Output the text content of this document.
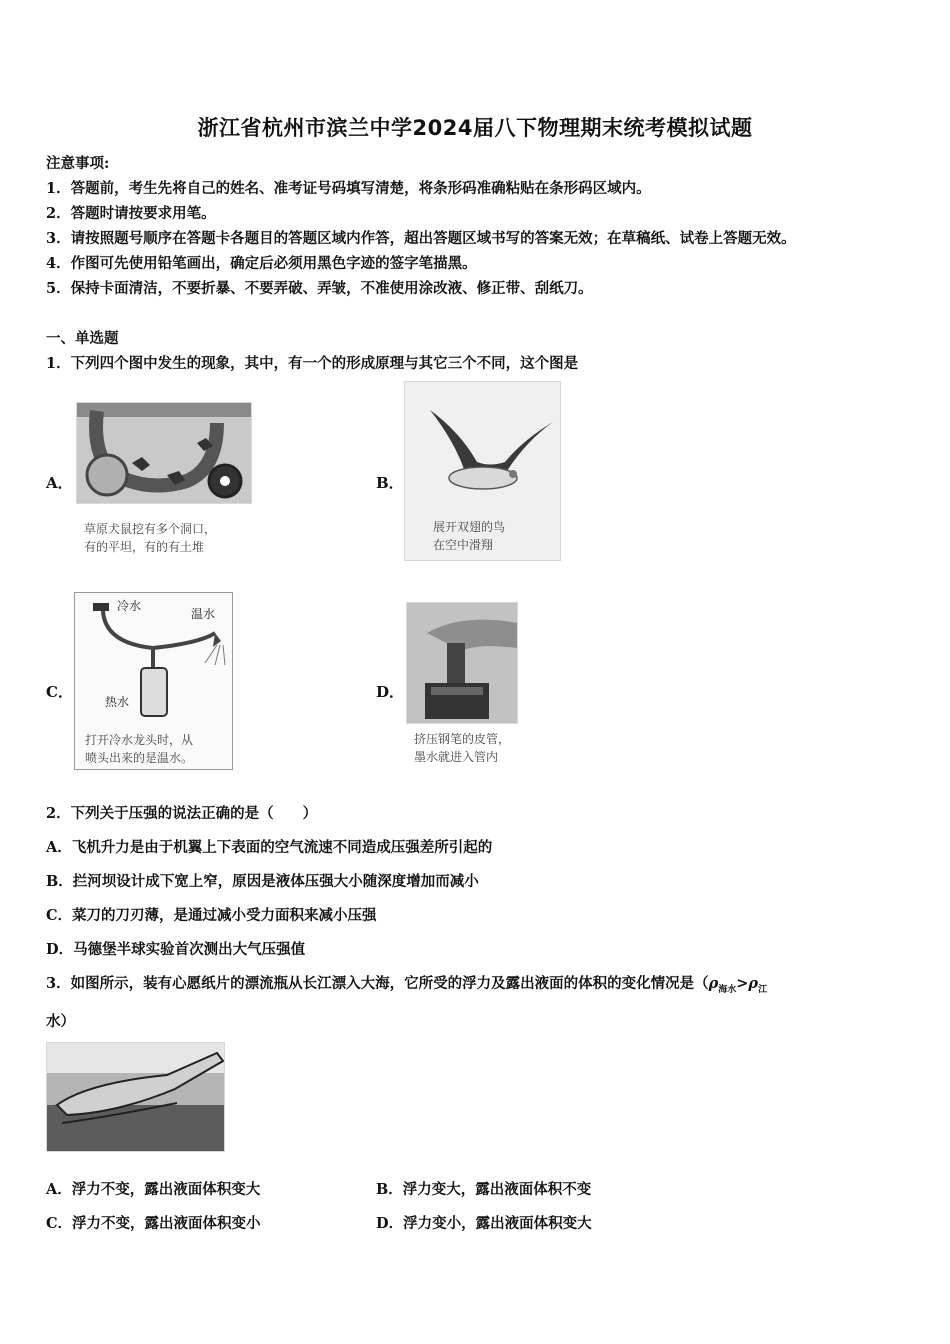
浙江省杭州市滨兰中学2024届八下物理期末统考模拟试题
注意事项:
1．答题前，考生先将自己的姓名、准考证号码填写清楚，将条形码准确粘贴在条形码区域内。
2．答题时请按要求用笔。
3．请按照题号顺序在答题卡各题目的答题区域内作答，超出答题区域书写的答案无效；在草稿纸、试卷上答题无效。
4．作图可先使用铅笔画出，确定后必须用黑色字迹的签字笔描黑。
5．保持卡面清洁，不要折暴、不要弄破、弄皱，不准使用涂改液、修正带、刮纸刀。
一、单选题
1．下列四个图中发生的现象，其中，有一个的形成原理与其它三个不同，这个图是
A．
草原犬鼠挖有多个洞口，
有的平坦，有的有土堆
B．
展开双翅的鸟
在空中滑翔
C．
冷水
温水
热水
打开冷水龙头时，从
喷头出来的是温水。
D．
挤压钢笔的皮管，
墨水就进入管内
2．下列关于压强的说法正确的是（　　）
A．飞机升力是由于机翼上下表面的空气流速不同造成压强差所引起的
B．拦河坝设计成下宽上窄，原因是液体压强大小随深度增加而减小
C．菜刀的刀刃薄，是通过减小受力面积来减小压强
D．马德堡半球实验首次测出大气压强值
3．如图所示，装有心愿纸片的漂流瓶从长江漂入大海，它所受的浮力及露出液面的体积的变化情况是（$\rho_{海水}>\rho_江$
水）
A．浮力不变，露出液面体积变大	B．浮力变大，露出液面体积不变
C．浮力不变，露出液面体积变小	D．浮力变小，露出液面体积变大
